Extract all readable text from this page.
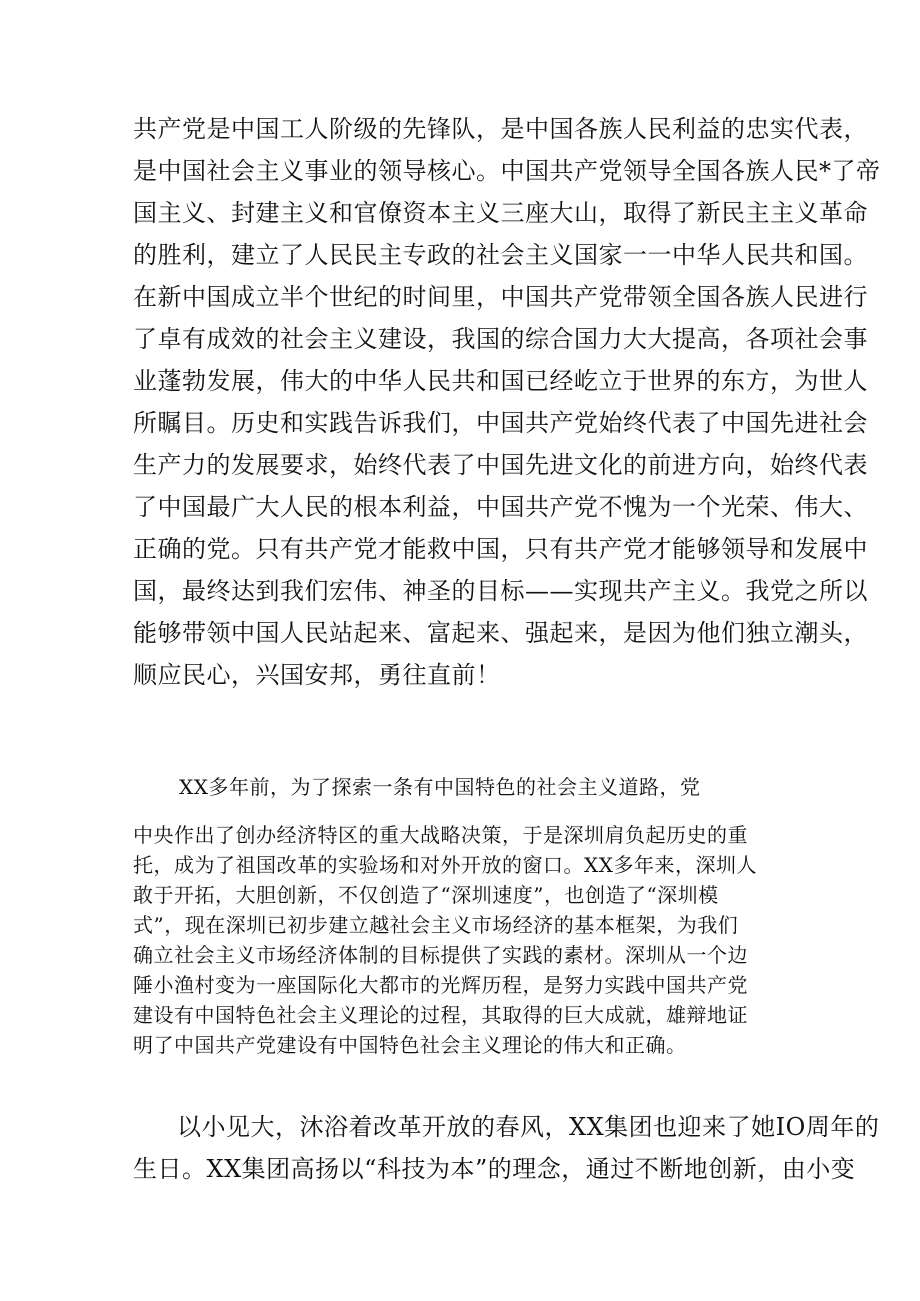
共产党是中国工人阶级的先锋队，是中国各族人民利益的忠实代表，
是中国社会主义事业的领导核心。中国共产党领导全国各族人民*了帝
国主义、封建主义和官僚资本主义三座大山，取得了新民主主义革命
的胜利，建立了人民民主专政的社会主义国家一一中华人民共和国。
在新中国成立半个世纪的时间里，中国共产党带领全国各族人民进行
了卓有成效的社会主义建设，我国的综合国力大大提高，各项社会事
业蓬勃发展，伟大的中华人民共和国已经屹立于世界的东方，为世人
所瞩目。历史和实践告诉我们，中国共产党始终代表了中国先进社会
生产力的发展要求，始终代表了中国先进文化的前进方向，始终代表
了中国最广大人民的根本利益，中国共产党不愧为一个光荣、伟大、
正确的党。只有共产党才能救中国，只有共产党才能够领导和发展中
国，最终达到我们宏伟、神圣的目标——实现共产主义。我党之所以
能够带领中国人民站起来、富起来、强起来，是因为他们独立潮头，
顺应民心，兴国安邦，勇往直前！
XX多年前，为了探索一条有中国特色的社会主义道路，党
中央作出了创办经济特区的重大战略决策，于是深圳肩负起历史的重
托，成为了祖国改革的实验场和对外开放的窗口。XX多年来，深圳人
敢于开拓，大胆创新，不仅创造了“深圳速度”，也创造了“深圳模
式”，现在深圳已初步建立越社会主义市场经济的基本框架，为我们
确立社会主义市场经济体制的目标提供了实践的素材。深圳从一个边
陲小渔村变为一座国际化大都市的光辉历程，是努力实践中国共产党
建设有中国特色社会主义理论的过程，其取得的巨大成就，雄辩地证
明了中国共产党建设有中国特色社会主义理论的伟大和正确。
以小见大，沐浴着改革开放的春风，XX集团也迎来了她IO周年的
生日。XX集团高扬以“科技为本”的理念，通过不断地创新，由小变
